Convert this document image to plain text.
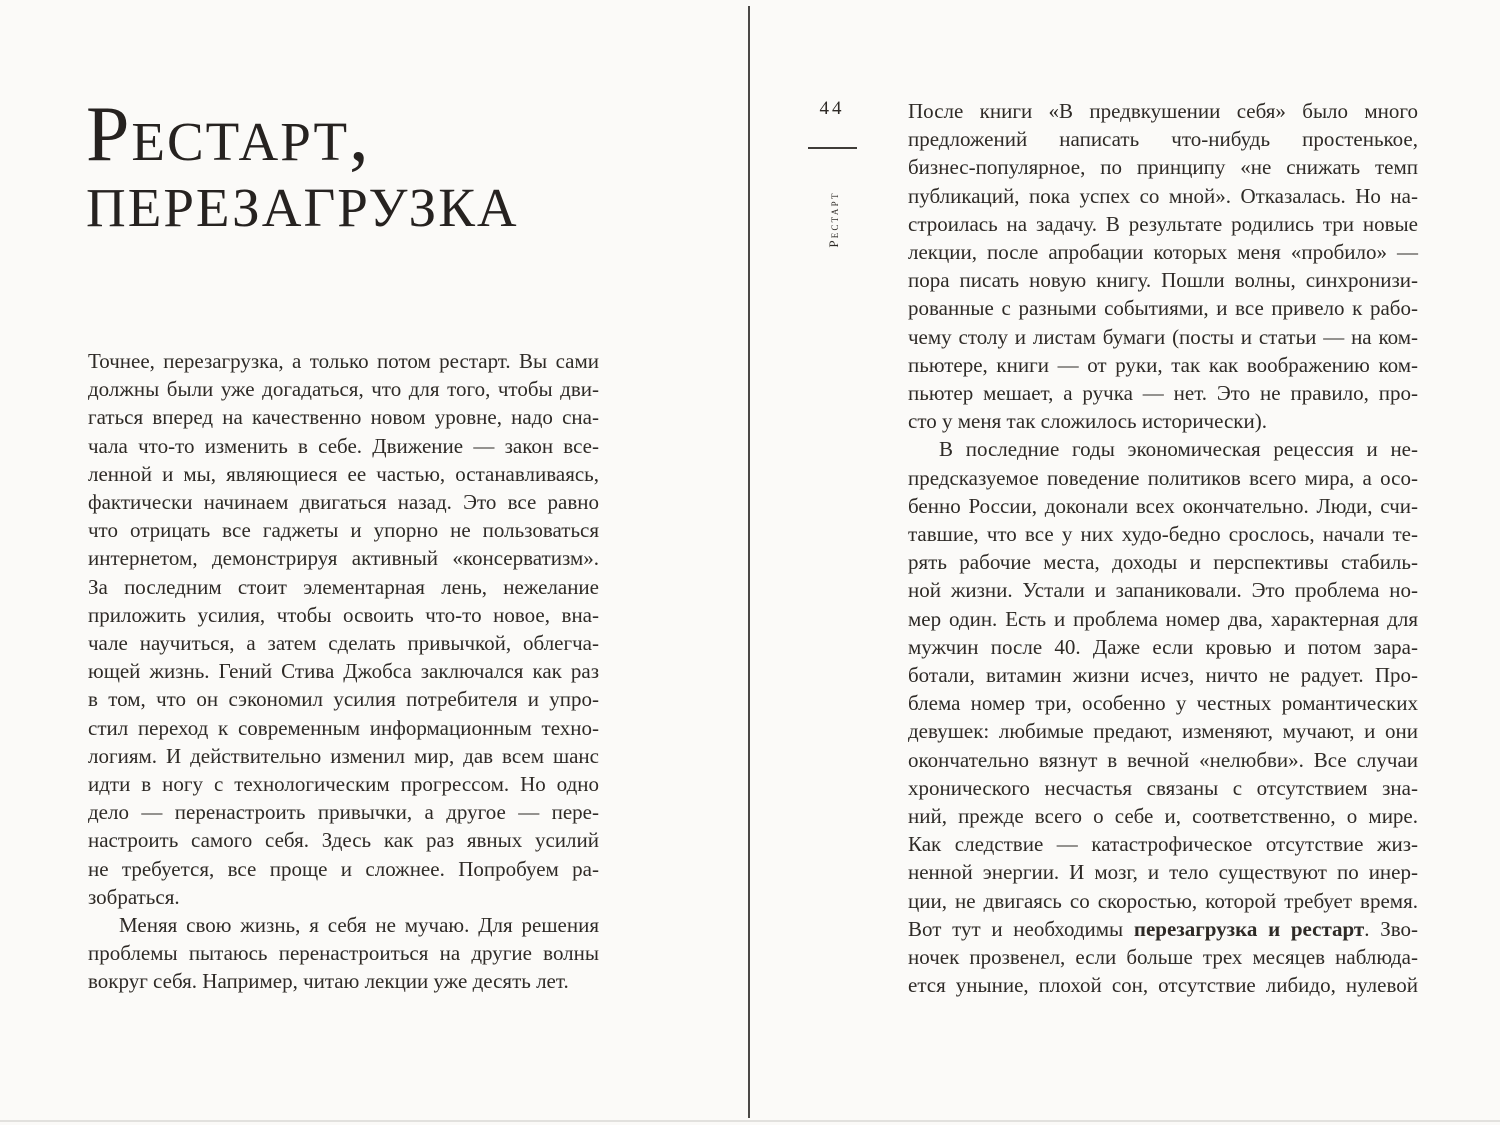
Рестарт,
перезагрузка
Точнее, перезагрузка, а только потом рестарт. Вы сами
должны были уже догадаться, что для того, чтобы дви-
гаться вперед на качественно новом уровне, надо сна-
чала что-то изменить в себе. Движение — закон все-
ленной и мы, являющиеся ее частью, останавливаясь,
фактически начинаем двигаться назад. Это все равно
что отрицать все гаджеты и упорно не пользоваться
интернетом, демонстрируя активный «консерватизм».
За последним стоит элементарная лень, нежелание
приложить усилия, чтобы освоить что-то новое, вна-
чале научиться, а затем сделать привычкой, облегча-
ющей жизнь. Гений Стива Джобса заключался как раз
в том, что он сэкономил усилия потребителя и упро-
стил переход к современным информационным техно-
логиям. И действительно изменил мир, дав всем шанс
идти в ногу с технологическим прогрессом. Но одно
дело — перенастроить привычки, а другое — пере-
настроить самого себя. Здесь как раз явных усилий
не требуется, все проще и сложнее. Попробуем ра-
зобраться.
Меняя свою жизнь, я себя не мучаю. Для решения
проблемы пытаюсь перенастроиться на другие волны
вокруг себя. Например, читаю лекции уже десять лет.
44
Рестарт
После книги «В предвкушении себя» было много
предложений написать что-нибудь простенькое,
бизнес-популярное, по принципу «не снижать темп
публикаций, пока успех со мной». Отказалась. Но на-
строилась на задачу. В результате родились три новые
лекции, после апробации которых меня «пробило» —
пора писать новую книгу. Пошли волны, синхронизи-
рованные с разными событиями, и все привело к рабо-
чему столу и листам бумаги (посты и статьи — на ком-
пьютере, книги — от руки, так как воображению ком-
пьютер мешает, а ручка — нет. Это не правило, про-
сто у меня так сложилось исторически).
В последние годы экономическая рецессия и не-
предсказуемое поведение политиков всего мира, а осо-
бенно России, доконали всех окончательно. Люди, счи-
тавшие, что все у них худо-бедно срослось, начали те-
рять рабочие места, доходы и перспективы стабиль-
ной жизни. Устали и запаниковали. Это проблема но-
мер один. Есть и проблема номер два, характерная для
мужчин после 40. Даже если кровью и потом зара-
ботали, витамин жизни исчез, ничто не радует. Про-
блема номер три, особенно у честных романтических
девушек: любимые предают, изменяют, мучают, и они
окончательно вязнут в вечной «нелюбви». Все случаи
хронического несчастья связаны с отсутствием зна-
ний, прежде всего о себе и, соответственно, о мире.
Как следствие — катастрофическое отсутствие жиз-
ненной энергии. И мозг, и тело существуют по инер-
ции, не двигаясь со скоростью, которой требует время.
Вот тут и необходимы перезагрузка и рестарт. Зво-
ночек прозвенел, если больше трех месяцев наблюда-
ется уныние, плохой сон, отсутствие либидо, нулевой
